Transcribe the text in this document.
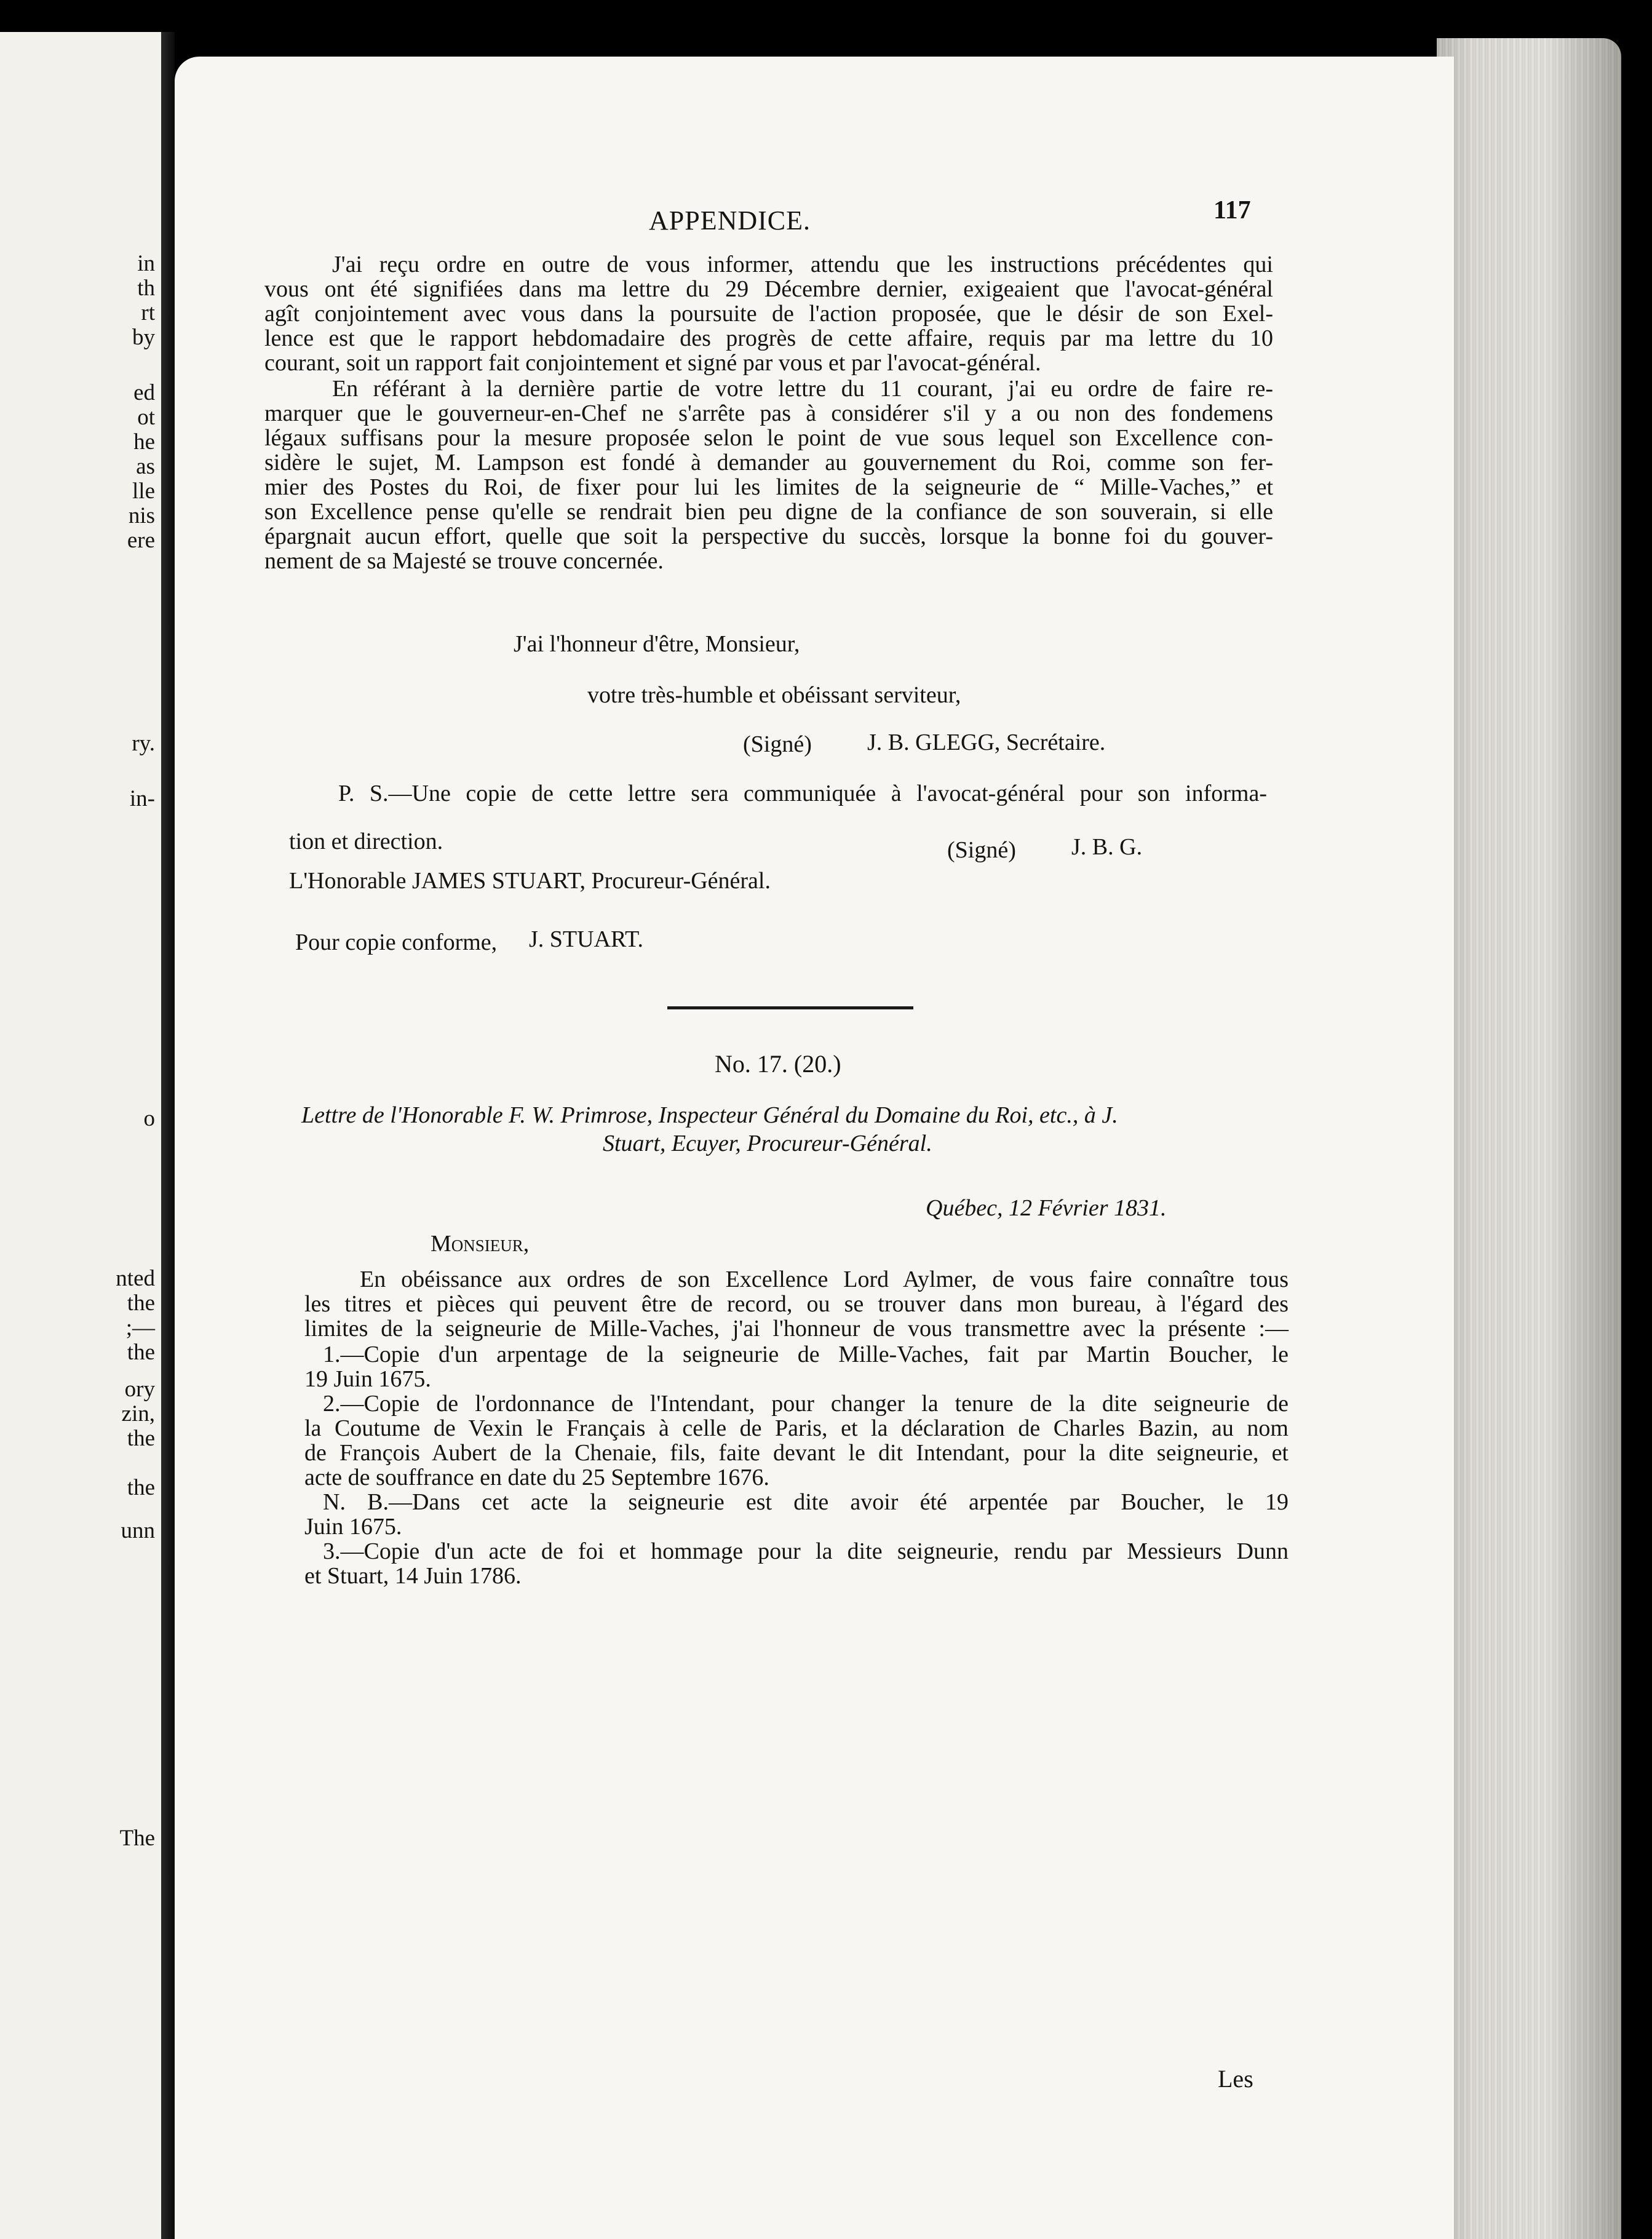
in
th
rt
by
ed
ot
he
as
lle
nis
ere
ry.
in-
o
nted
the
;—
the
ory
zin,
the
the
unn
The
APPENDICE.	117
J'ai reçu ordre en outre de vous informer, attendu que les instructions précédentes qui
vous ont été signifiées dans ma lettre du 29 Décembre dernier, exigeaient que l'avocat-général
agît conjointement avec vous dans la poursuite de l'action proposée, que le désir de son Exel-
lence est que le rapport hebdomadaire des progrès de cette affaire, requis par ma lettre du 10
courant, soit un rapport fait conjointement et signé par vous et par l'avocat-général.
En référant à la dernière partie de votre lettre du 11 courant, j'ai eu ordre de faire re-
marquer que le gouverneur-en-Chef ne s'arrête pas à considérer s'il y a ou non des fondemens
légaux suffisans pour la mesure proposée selon le point de vue sous lequel son Excellence con-
sidère le sujet, M. Lampson est fondé à demander au gouvernement du Roi, comme son fer-
mier des Postes du Roi, de fixer pour lui les limites de la seigneurie de “ Mille-Vaches,” et
son Excellence pense qu'elle se rendrait bien peu digne de la confiance de son souverain, si elle
épargnait aucun effort, quelle que soit la perspective du succès, lorsque la bonne foi du gouver-
nement de sa Majesté se trouve concernée.
J'ai l'honneur d'être, Monsieur,
votre très-humble et obéissant serviteur,
(Signé) J. B. GLEGG, Secrétaire.
P. S.—Une copie de cette lettre sera communiquée à l'avocat-général pour son informa-
tion et direction.	(Signé) J. B. G.
L'Honorable JAMES STUART, Procureur-Général.
Pour copie conforme, J. STUART.
No. 17. (20.)
Lettre de l'Honorable F. W. Primrose, Inspecteur Général du Domaine du Roi, etc., à J.
Stuart, Ecuyer, Procureur-Général.
Québec, 12 Février 1831.
Monsieur,
En obéissance aux ordres de son Excellence Lord Aylmer, de vous faire connaître tous
les titres et pièces qui peuvent être de record, ou se trouver dans mon bureau, à l'égard des
limites de la seigneurie de Mille-Vaches, j'ai l'honneur de vous transmettre avec la présente :—
1.—Copie d'un arpentage de la seigneurie de Mille-Vaches, fait par Martin Boucher, le
19 Juin 1675.
2.—Copie de l'ordonnance de l'Intendant, pour changer la tenure de la dite seigneurie de
la Coutume de Vexin le Français à celle de Paris, et la déclaration de Charles Bazin, au nom
de François Aubert de la Chenaie, fils, faite devant le dit Intendant, pour la dite seigneurie, et
acte de souffrance en date du 25 Septembre 1676.
N. B.—Dans cet acte la seigneurie est dite avoir été arpentée par Boucher, le 19
Juin 1675.
3.—Copie d'un acte de foi et hommage pour la dite seigneurie, rendu par Messieurs Dunn
et Stuart, 14 Juin 1786.
Les
